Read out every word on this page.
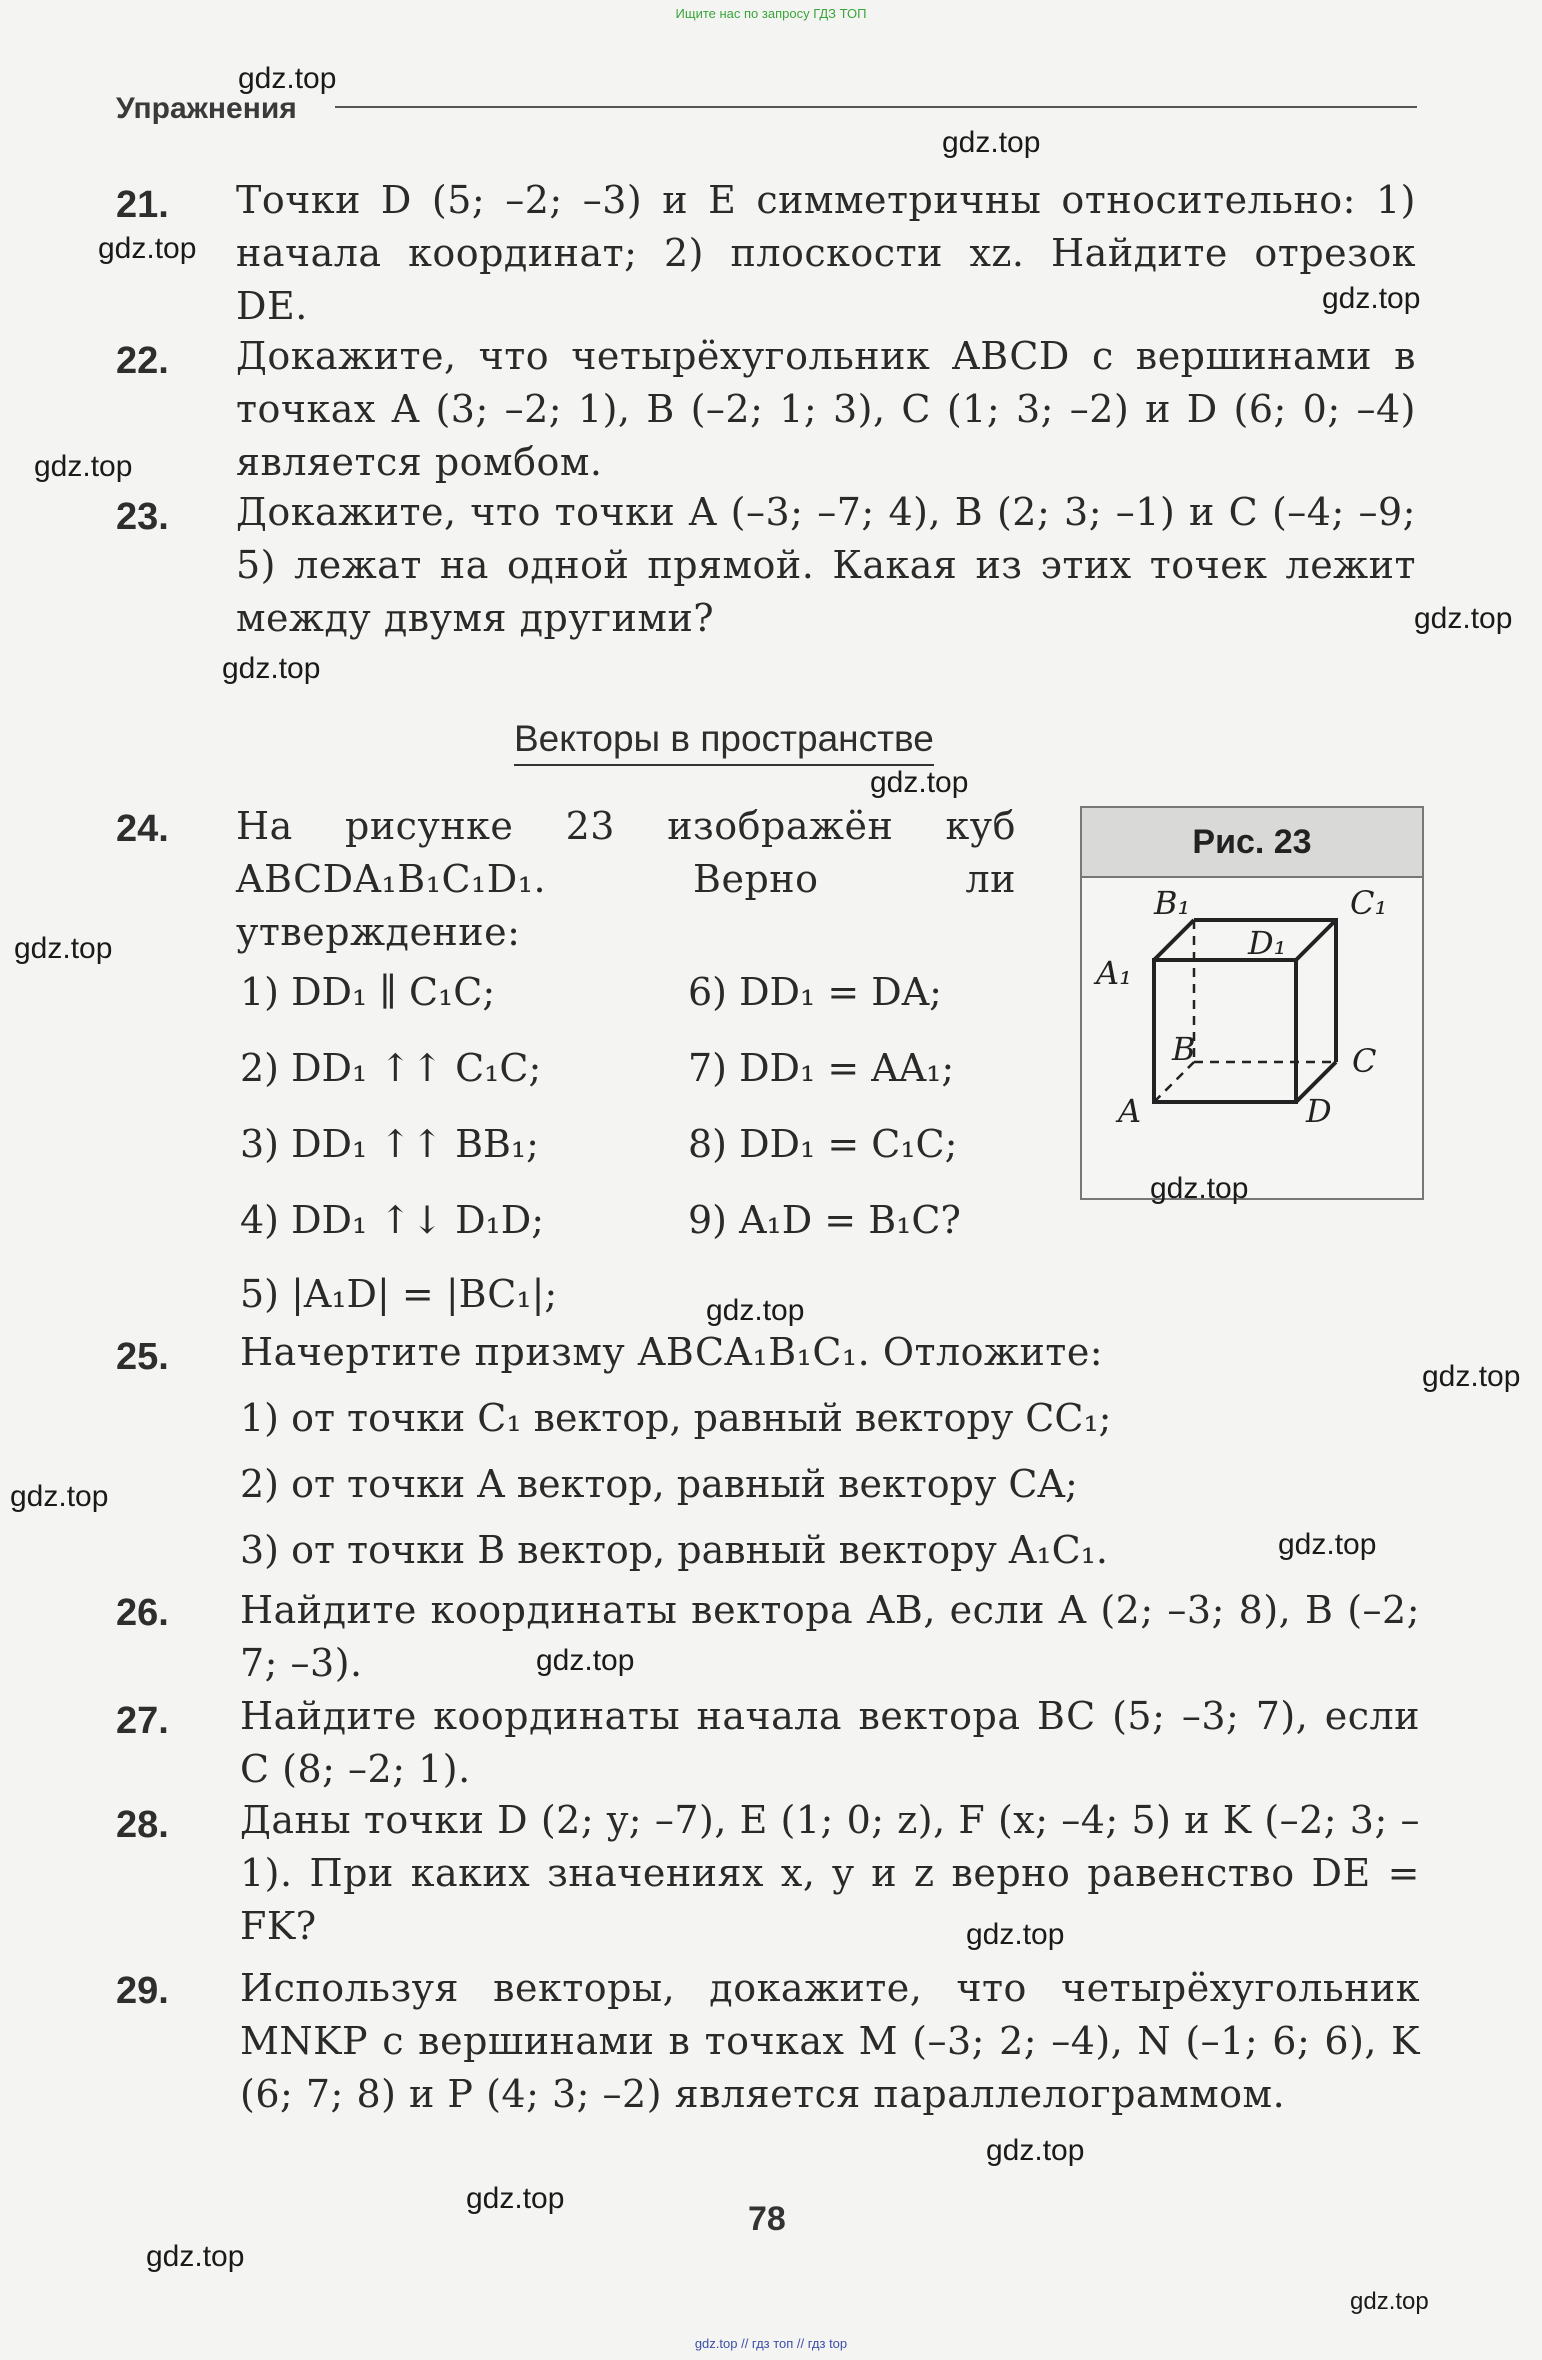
Ищите нас по запросу ГДЗ ТОП
Упражнения
21. Точки D (5; –2; –3) и E симметричны относительно: 1) начала координат; 2) плоскости xz. Найдите отрезок DE.
22. Докажите, что четырёхугольник ABCD с вершинами в точках A (3; –2; 1), B (–2; 1; 3), C (1; 3; –2) и D (6; 0; –4) является ромбом.
23. Докажите, что точки A (–3; –7; 4), B (2; 3; –1) и C (–4; –9; 5) лежат на одной прямой. Какая из этих точек лежит между двумя другими?
Векторы в пространстве
24. На рисунке 23 изображён куб ABCDA₁B₁C₁D₁. Верно ли утверждение:
1) DD₁ ∥ C₁C;
2) DD₁ ↑↑ C₁C;
3) DD₁ ↑↑ BB₁;
4) DD₁ ↑↓ D₁D;
5) |A₁D| = |BC₁|;
6) DD₁ = DA;
7) DD₁ = AA₁;
8) DD₁ = C₁C;
9) A₁D = B₁C?
Рис. 23
B₁	C₁
D₁
A₁
B	C
A	D
25. Начертите призму ABCA₁B₁C₁. Отложите:
1) от точки C₁ вектор, равный вектору CC₁;
2) от точки A вектор, равный вектору CA;
3) от точки B вектор, равный вектору A₁C₁.
26. Найдите координаты вектора AB, если A (2; –3; 8), B (–2; 7; –3).
27. Найдите координаты начала вектора BC (5; –3; 7), если C (8; –2; 1).
28. Даны точки D (2; y; –7), E (1; 0; z), F (x; –4; 5) и K (–2; 3; –1). При каких значениях x, y и z верно равенство DE = FK?
29. Используя векторы, докажите, что четырёхугольник MNKP с вершинами в точках M (–3; 2; –4), N (–1; 6; 6), K (6; 7; 8) и P (4; 3; –2) является параллелограммом.
78
gdz.top
gdz.top
gdz.top
gdz.top
gdz.top
gdz.top
gdz.top
gdz.top
gdz.top
gdz.top
gdz.top
gdz.top
gdz.top
gdz.top
gdz.top
gdz.top
gdz.top
gdz.top
gdz.top
gdz.top
gdz.top // гдз топ // гдз top
